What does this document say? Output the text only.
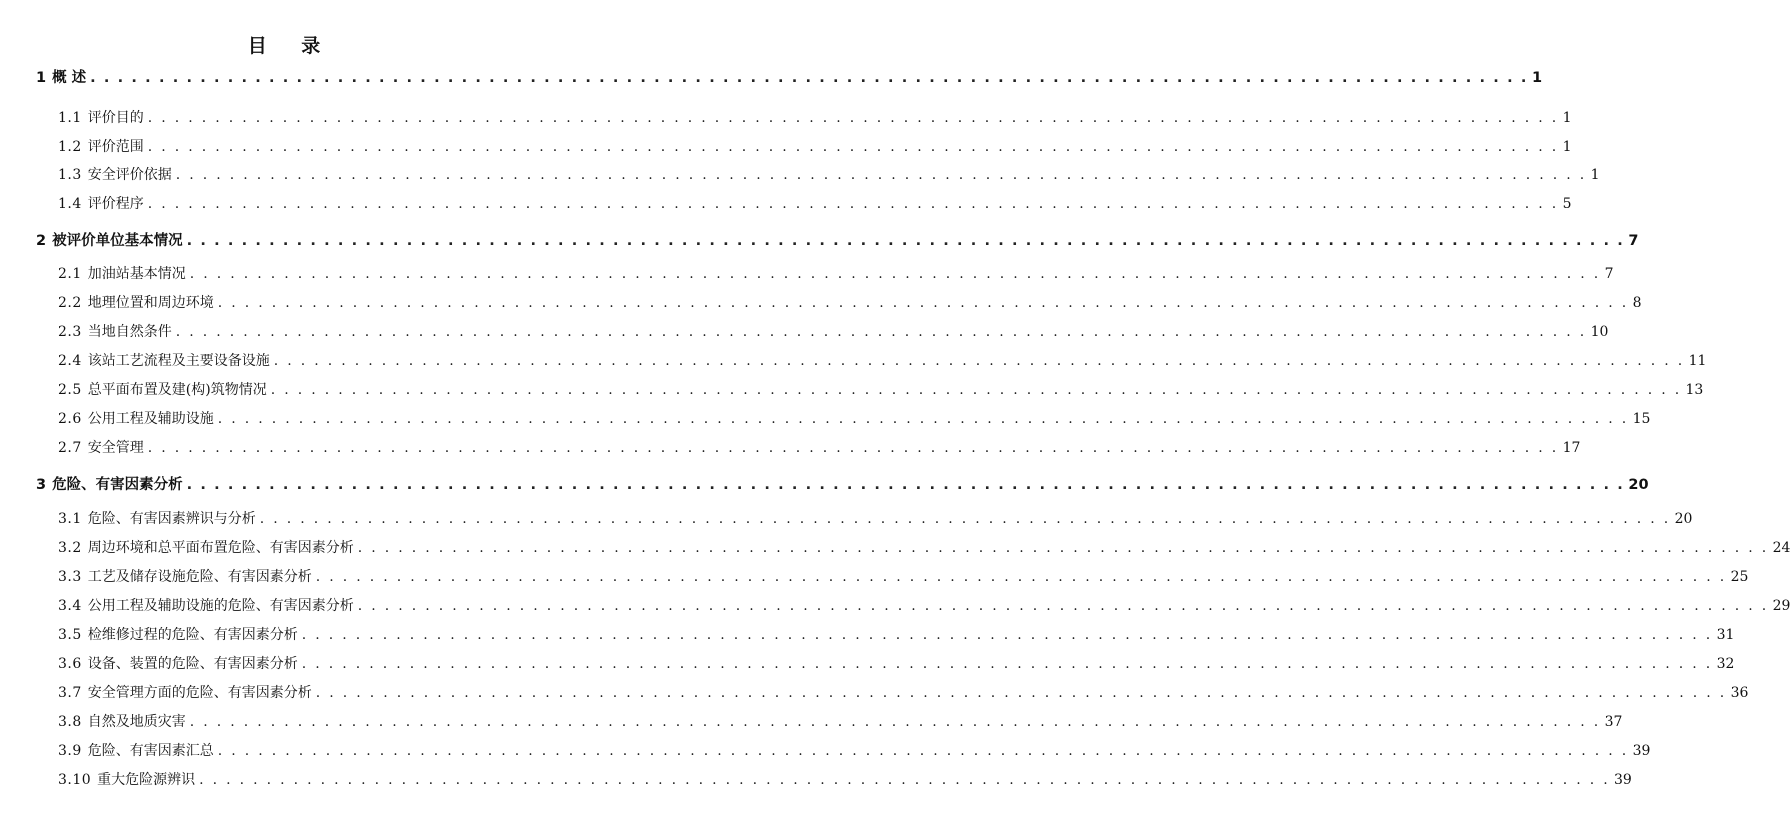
目 录
1 概 述 . . .	1
1.1 评价目的 . . .	1
1.2 评价范围 . . .	1
1.3 安全评价依据 . . .	1
1.4 评价程序 . . .	5
2 被评价单位基本情况 . . .	7
2.1 加油站基本情况 . . .	7
2.2 地理位置和周边环境 . . .	8
2.3 当地自然条件 . . .	10
2.4 该站工艺流程及主要设备设施 . . .	11
2.5 总平面布置及建(构)筑物情况 . . .	13
2.6 公用工程及辅助设施 . . .	15
2.7 安全管理 . . .	17
3 危险、有害因素分析 . . .	20
3.1 危险、有害因素辨识与分析 . . .	20
3.2 周边环境和总平面布置危险、有害因素分析 . . .	24
3.3 工艺及储存设施危险、有害因素分析 . . .	25
3.4 公用工程及辅助设施的危险、有害因素分析 . . .	29
3.5 检维修过程的危险、有害因素分析 . . .	31
3.6 设备、装置的危险、有害因素分析 . . .	32
3.7 安全管理方面的危险、有害因素分析 . . .	36
3.8 自然及地质灾害 . . .	37
3.9 危险、有害因素汇总 . . .	39
3.10 重大危险源辨识 . . .	39
